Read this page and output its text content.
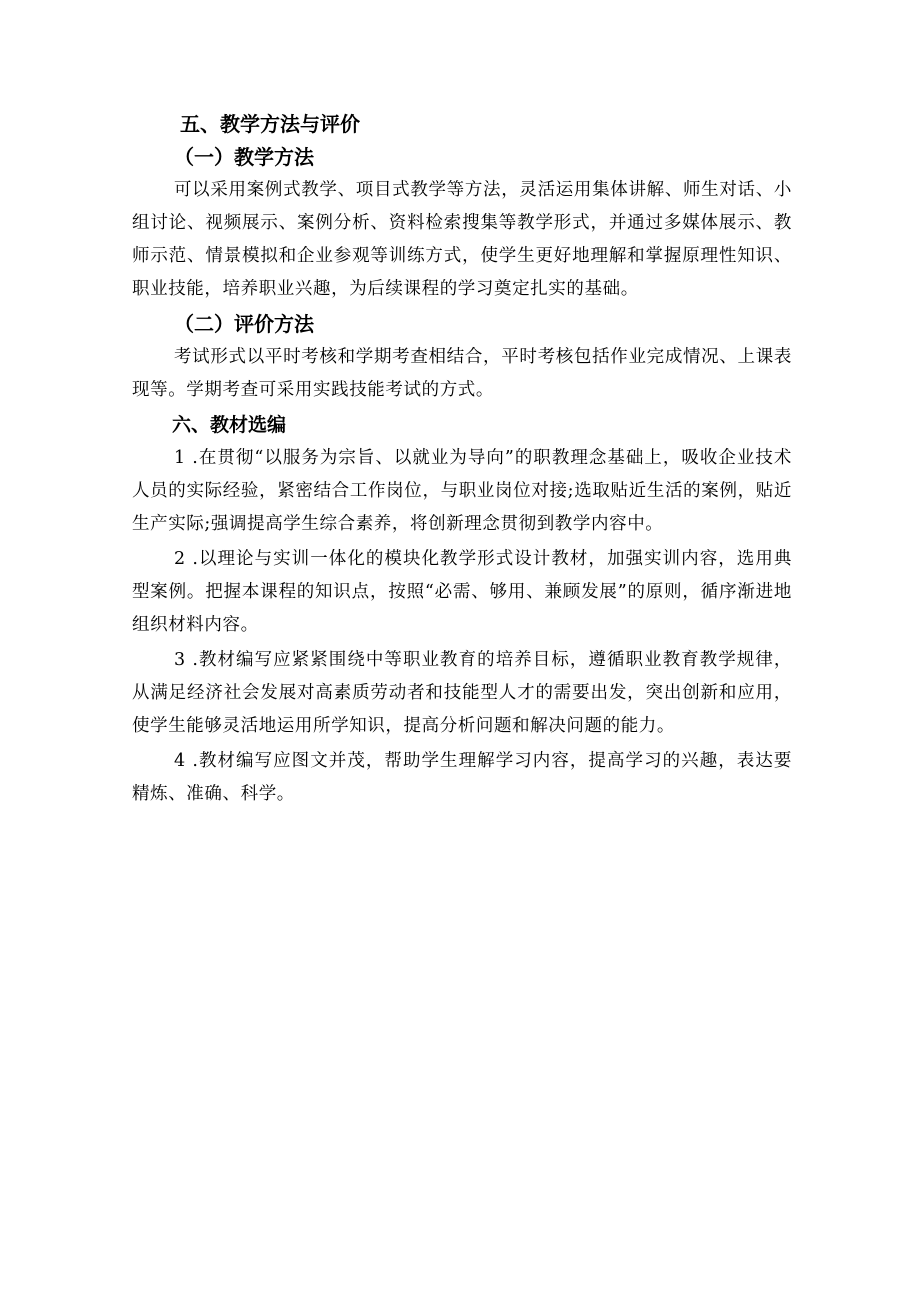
五、教学方法与评价
（一）教学方法

可以采用案例式教学、项目式教学等方法，灵活运用集体讲解、师生对话、小组讨论、视频展示、案例分析、资料检索搜集等教学形式，并通过多媒体展示、教师示范、情景模拟和企业参观等训练方式，使学生更好地理解和掌握原理性知识、职业技能，培养职业兴趣，为后续课程的学习奠定扎实的基础。

（二）评价方法

考试形式以平时考核和学期考查相结合，平时考核包括作业完成情况、上课表现等。学期考查可采用实践技能考试的方式。

六、教材选编

1 .在贯彻“以服务为宗旨、以就业为导向”的职教理念基础上，吸收企业技术人员的实际经验，紧密结合工作岗位，与职业岗位对接;选取贴近生活的案例，贴近生产实际;强调提高学生综合素养，将创新理念贯彻到教学内容中。

2 .以理论与实训一体化的模块化教学形式设计教材，加强实训内容，选用典型案例。把握本课程的知识点，按照“必需、够用、兼顾发展”的原则，循序渐进地组织材料内容。

3 .教材编写应紧紧围绕中等职业教育的培养目标，遵循职业教育教学规律，从满足经济社会发展对高素质劳动者和技能型人才的需要出发，突出创新和应用，使学生能够灵活地运用所学知识，提高分析问题和解决问题的能力。

4 .教材编写应图文并茂，帮助学生理解学习内容，提高学习的兴趣，表达要精炼、准确、科学。
